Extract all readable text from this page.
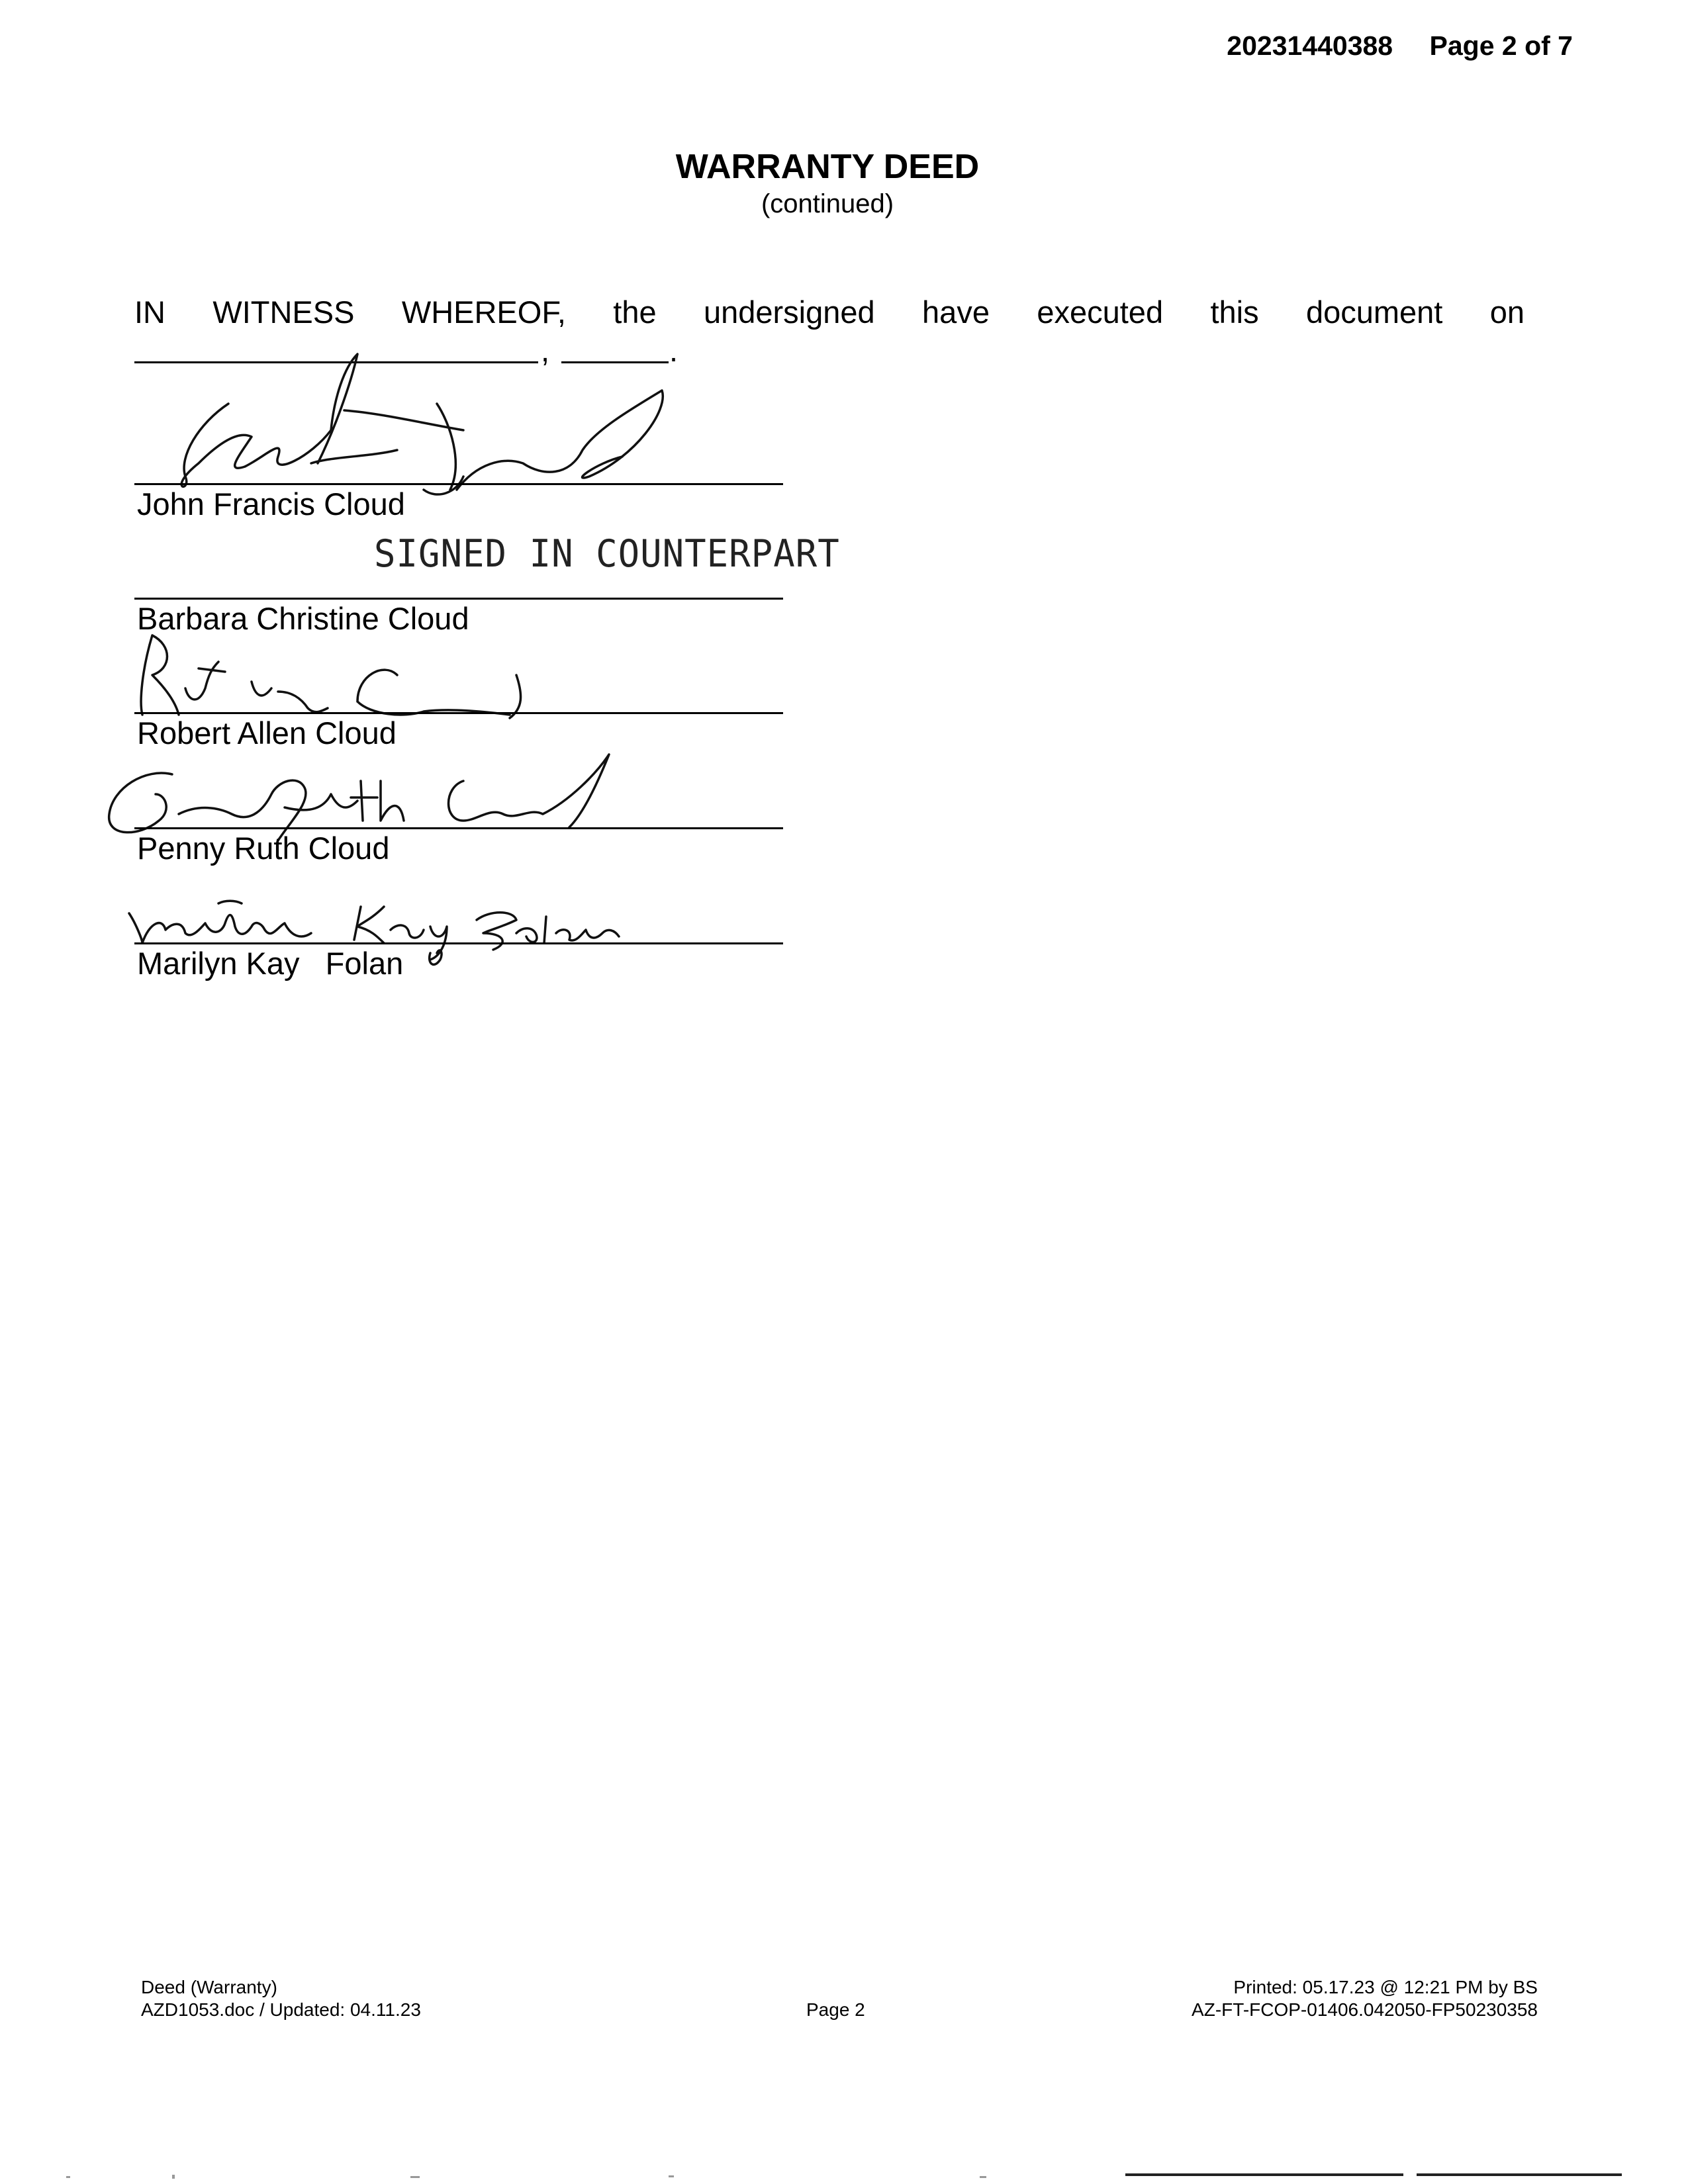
20231440388 Page 2 of 7
WARRANTY DEED
(continued)
IN WITNESS WHEREOF, the undersigned have executed this document on
,	.
John Francis Cloud
SIGNED IN COUNTERPART
Barbara Christine Cloud
Robert Allen Cloud
Penny Ruth Cloud
Marilyn Kay   Folan
Deed (Warranty)
AZD1053.doc / Updated: 04.11.23	Page 2
Printed: 05.17.23 @ 12:21 PM by BS
AZ-FT-FCOP-01406.042050-FP50230358
